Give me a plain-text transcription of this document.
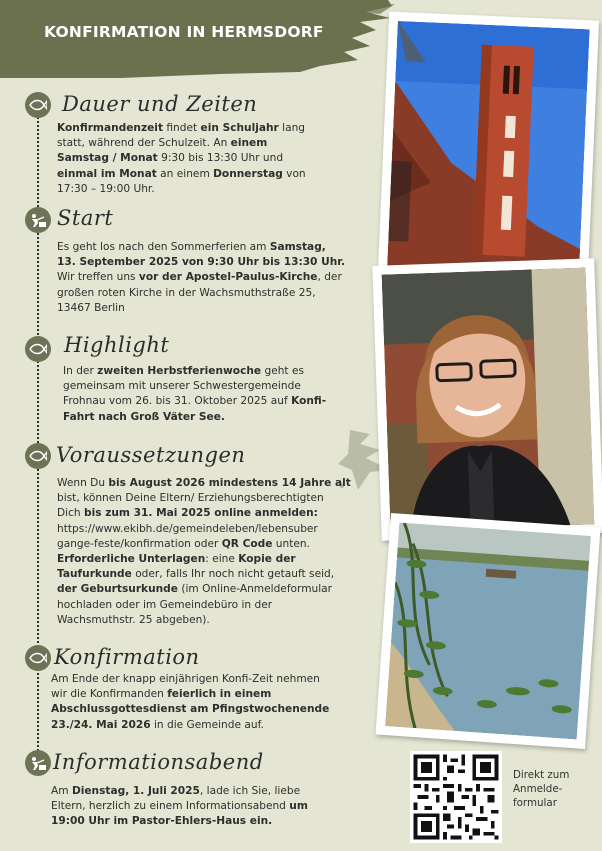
KONFIRMATION IN HERMSDORF
Dauer und Zeiten
Konfirmandenzeit findet ein Schuljahr lang
statt, während der Schulzeit. An einem
Samstag / Monat 9:30 bis 13:30 Uhr und
einmal im Monat an einem Donnerstag von
17:30 – 19:00 Uhr.
Start
Es geht los nach den Sommerferien am Samstag,
13. September 2025 von 9:30 Uhr bis 13:30 Uhr.
Wir treffen uns vor der Apostel-Paulus-Kirche, der
großen roten Kirche in der Wachsmuthstraße 25,
13467 Berlin
Highlight
In der zweiten Herbstferienwoche geht es
gemeinsam mit unserer Schwestergemeinde
Frohnau vom 26. bis 31. Oktober 2025 auf Konfi-
Fahrt nach Groß Väter See.
Voraussetzungen
Wenn Du bis August 2026 mindestens 14 Jahre alt
bist, können Deine Eltern/ Erziehungsberechtigten
Dich bis zum 31. Mai 2025 online anmelden:
https://www.ekibh.de/gemeindeleben/lebensuber
gange-feste/konfirmation oder QR Code unten.
Erforderliche Unterlagen: eine Kopie der
Taufurkunde oder, falls Ihr noch nicht getauft seid,
der Geburtsurkunde (im Online-Anmeldeformular
hochladen oder im Gemeindebüro in der
Wachsmuthstr. 25 abgeben).
Konfirmation
Am Ende der knapp einjährigen Konfi-Zeit nehmen
wir die Konfirmanden feierlich in einem
Abschlussgottesdienst am Pfingstwochenende
23./24. Mai 2026 in die Gemeinde auf.
Informationsabend
Am Dienstag, 1. Juli 2025, lade ich Sie, liebe
Eltern, herzlich zu einem Informationsabend um
19:00 Uhr im Pastor-Ehlers-Haus ein.
Direkt zum
Anmelde-
formular
